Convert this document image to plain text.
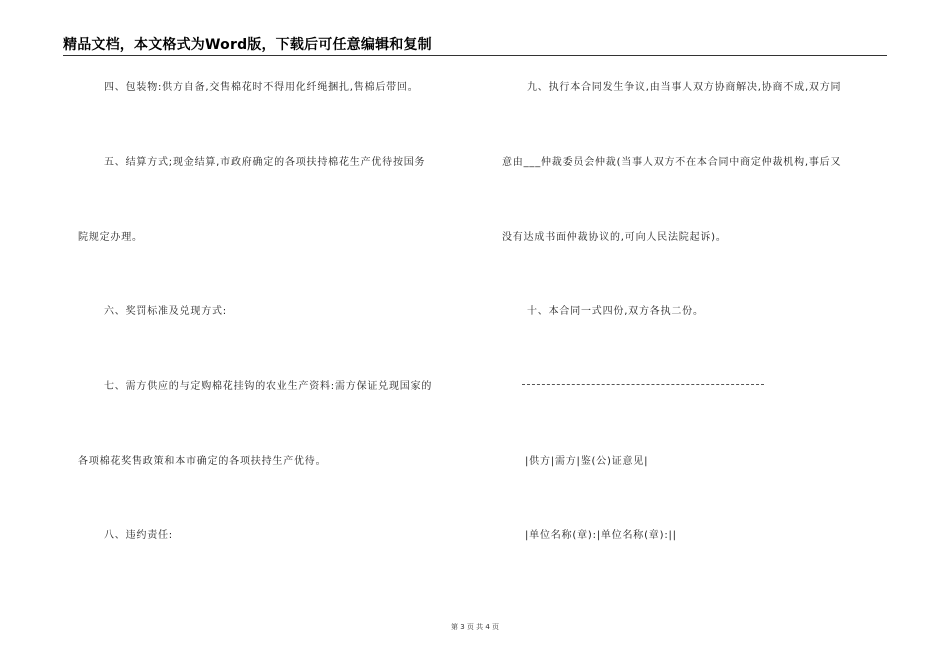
精品文档，本文格式为Word版，下载后可任意编辑和复制
四、包装物:供方自备,交售棉花时不得用化纤绳捆扎,售棉后带回。
五、结算方式;现金结算,市政府确定的各项扶持棉花生产优待按国务
院规定办理。
六、奖罚标准及兑现方式:
七、需方供应的与定购棉花挂钩的农业生产资料:需方保证兑现国家的
各项棉花奖售政策和本市确定的各项扶持生产优待。
八、违约责任:
九、执行本合同发生争议,由当事人双方协商解决,协商不成,双方同
意由___仲裁委员会仲裁(当事人双方不在本合同中商定仲裁机构,事后又
没有达成书面仲裁协议的,可向人民法院起诉)。
十、本合同一式四份,双方各执二份。
|供方|需方|鉴(公)证意见|
|单位名称(章):|单位名称(章):||
第 3 页 共 4 页
